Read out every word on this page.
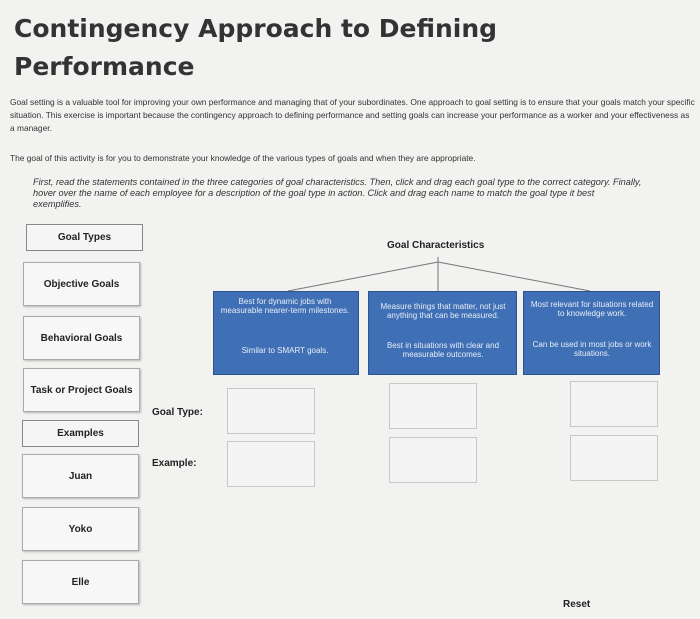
Contingency Approach to Defining Performance
Goal setting is a valuable tool for improving your own performance and managing that of your subordinates. One approach to goal setting is to ensure that your goals match your specific situation. This exercise is important because the contingency approach to defining performance and setting goals can increase your performance as a worker and your effectiveness as a manager.
The goal of this activity is for you to demonstrate your knowledge of the various types of goals and when they are appropriate.
First, read the statements contained in the three categories of goal characteristics. Then, click and drag each goal type to the correct category. Finally, hover over the name of each employee for a description of the goal type in action. Click and drag each name to match the goal type it best exemplifies.
Goal Types
Objective Goals
Behavioral Goals
Task or Project Goals
Examples
Juan
Yoko
Elle
Goal Characteristics
Best for dynamic jobs with measurable nearer-term milestones.
Similar to SMART goals.
Measure things that matter, not just anything that can be measured.
Best in situations with clear and measurable outcomes.
Most relevant for situations related to knowledge work.
Can be used in most jobs or work situations.
Goal Type:
Example:
Reset
